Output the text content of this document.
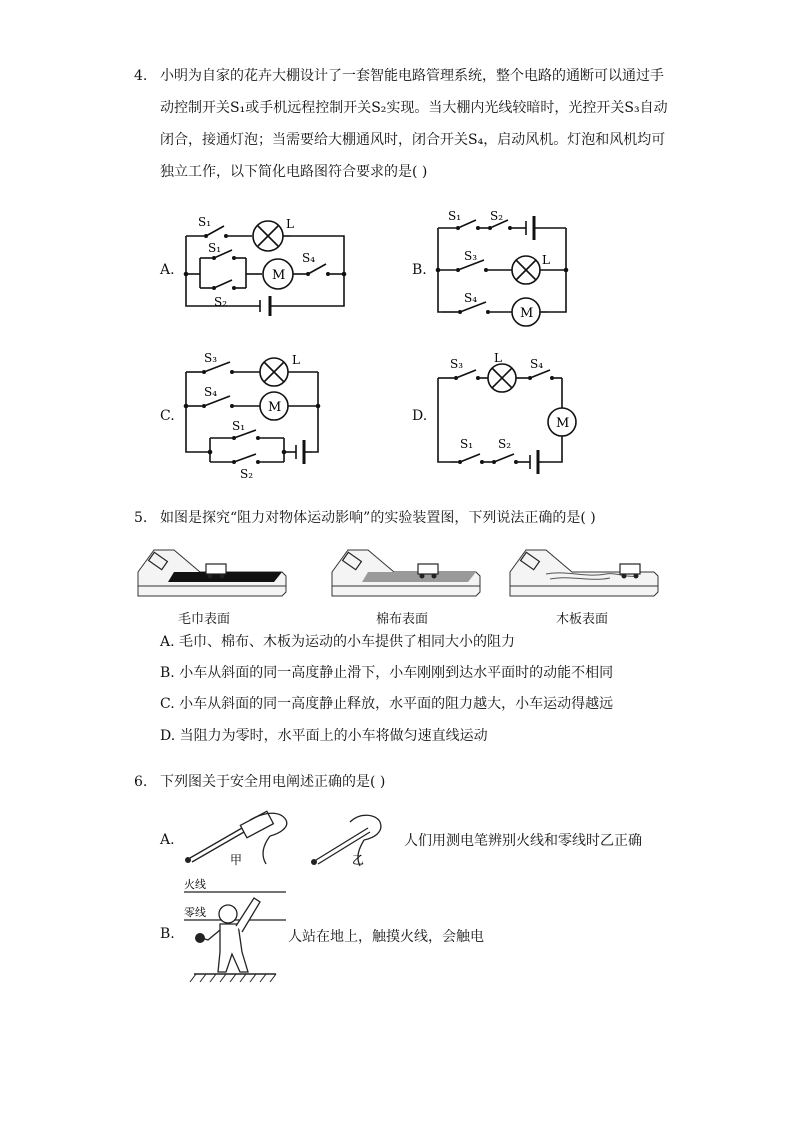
4. 小明为自家的花卉大棚设计了一套智能电路管理系统，整个电路的通断可以通过手
动控制开关S₁或手机远程控制开关S₂实现。当大棚内光线较暗时，光控开关S₃自动
闭合，接通灯泡；当需要给大棚通风时，闭合开关S₄，启动风机。灯泡和风机均可
独立工作，以下简化电路图符合要求的是( )
A.	B.
C.	D.
S₁	L
S₁
S₂
M
S₄
S₁ S₂
S₃	L
S₄
M
S₃	L
S₄
M
S₁
S₂
S₃	L S₄
M
S₁ S₂
5. 如图是探究“阻力对物体运动影响”的实验装置图，下列说法正确的是( )
毛巾表面	棉布表面	木板表面
A. 毛巾、棉布、木板为运动的小车提供了相同大小的阻力
B. 小车从斜面的同一高度静止滑下，小车刚刚到达水平面时的动能不相同
C. 小车从斜面的同一高度静止释放，水平面的阻力越大，小车运动得越远
D. 当阻力为零时，水平面上的小车将做匀速直线运动
6. 下列图关于安全用电阐述正确的是( )
A.
甲	乙
人们用测电笔辨别火线和零线时乙正确
B.
火线
零线
人站在地上，触摸火线，会触电
